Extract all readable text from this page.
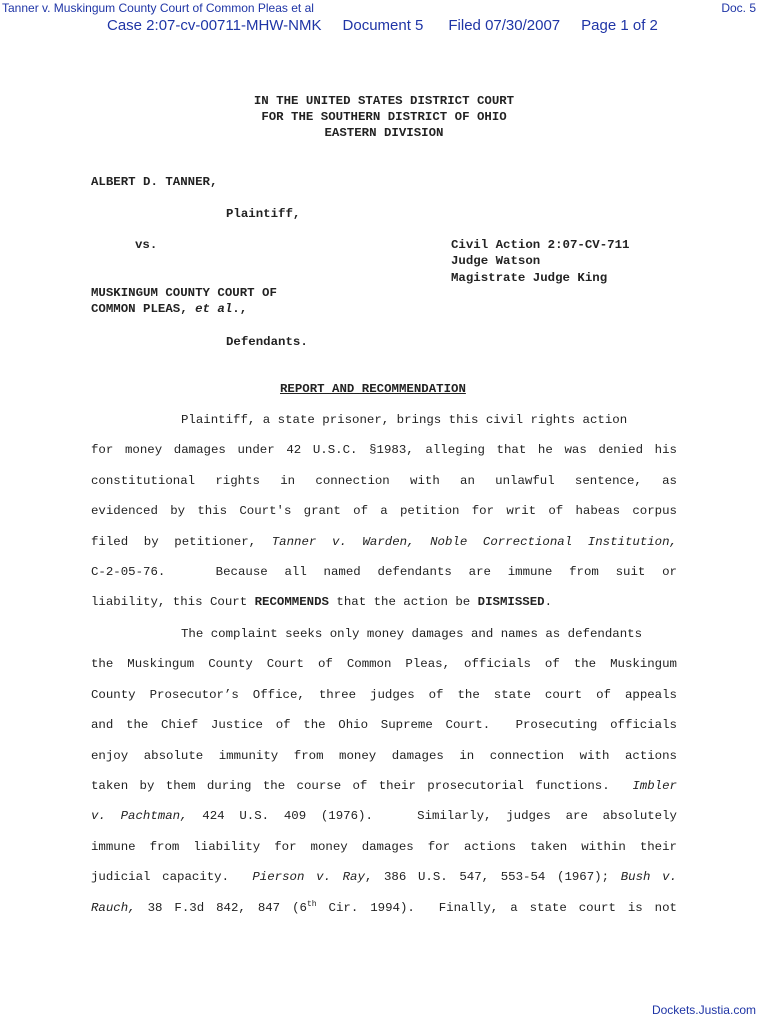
Tanner v. Muskingum County Court of Common Pleas et al	Doc. 5
Case 2:07-cv-00711-MHW-NMK Document 5 Filed 07/30/2007 Page 1 of 2
IN THE UNITED STATES DISTRICT COURT
FOR THE SOUTHERN DISTRICT OF OHIO
EASTERN DIVISION
ALBERT D. TANNER,
Plaintiff,
vs.	Civil Action 2:07-CV-711
Judge Watson
Magistrate Judge King
MUSKINGUM COUNTY COURT OF
COMMON PLEAS, et al.,
Defendants.
REPORT AND RECOMMENDATION
Plaintiff, a state prisoner, brings this civil rights action
for money damages under 42 U.S.C. §1983, alleging that he was denied his
constitutional rights in connection with an unlawful sentence, as
evidenced by this Court's grant of a petition for writ of habeas corpus
filed by petitioner, Tanner v. Warden, Noble Correctional Institution,
C-2-05-76.   Because all named defendants are immune from suit or
liability, this Court RECOMMENDS that the action be DISMISSED.
The complaint seeks only money damages and names as defendants
the Muskingum County Court of Common Pleas, officials of the Muskingum
County Prosecutor’s Office, three judges of the state court of appeals
and the Chief Justice of the Ohio Supreme Court.  Prosecuting officials
enjoy absolute immunity from money damages in connection with actions
taken by them during the course of their prosecutorial functions.  Imbler
v. Pachtman, 424 U.S. 409 (1976).   Similarly, judges are absolutely
immune from liability for money damages for actions taken within their
judicial capacity.  Pierson v. Ray, 386 U.S. 547, 553-54 (1967); Bush v.
Rauch, 38 F.3d 842, 847 (6th Cir. 1994).  Finally, a state court is not
Dockets.Justia.com
